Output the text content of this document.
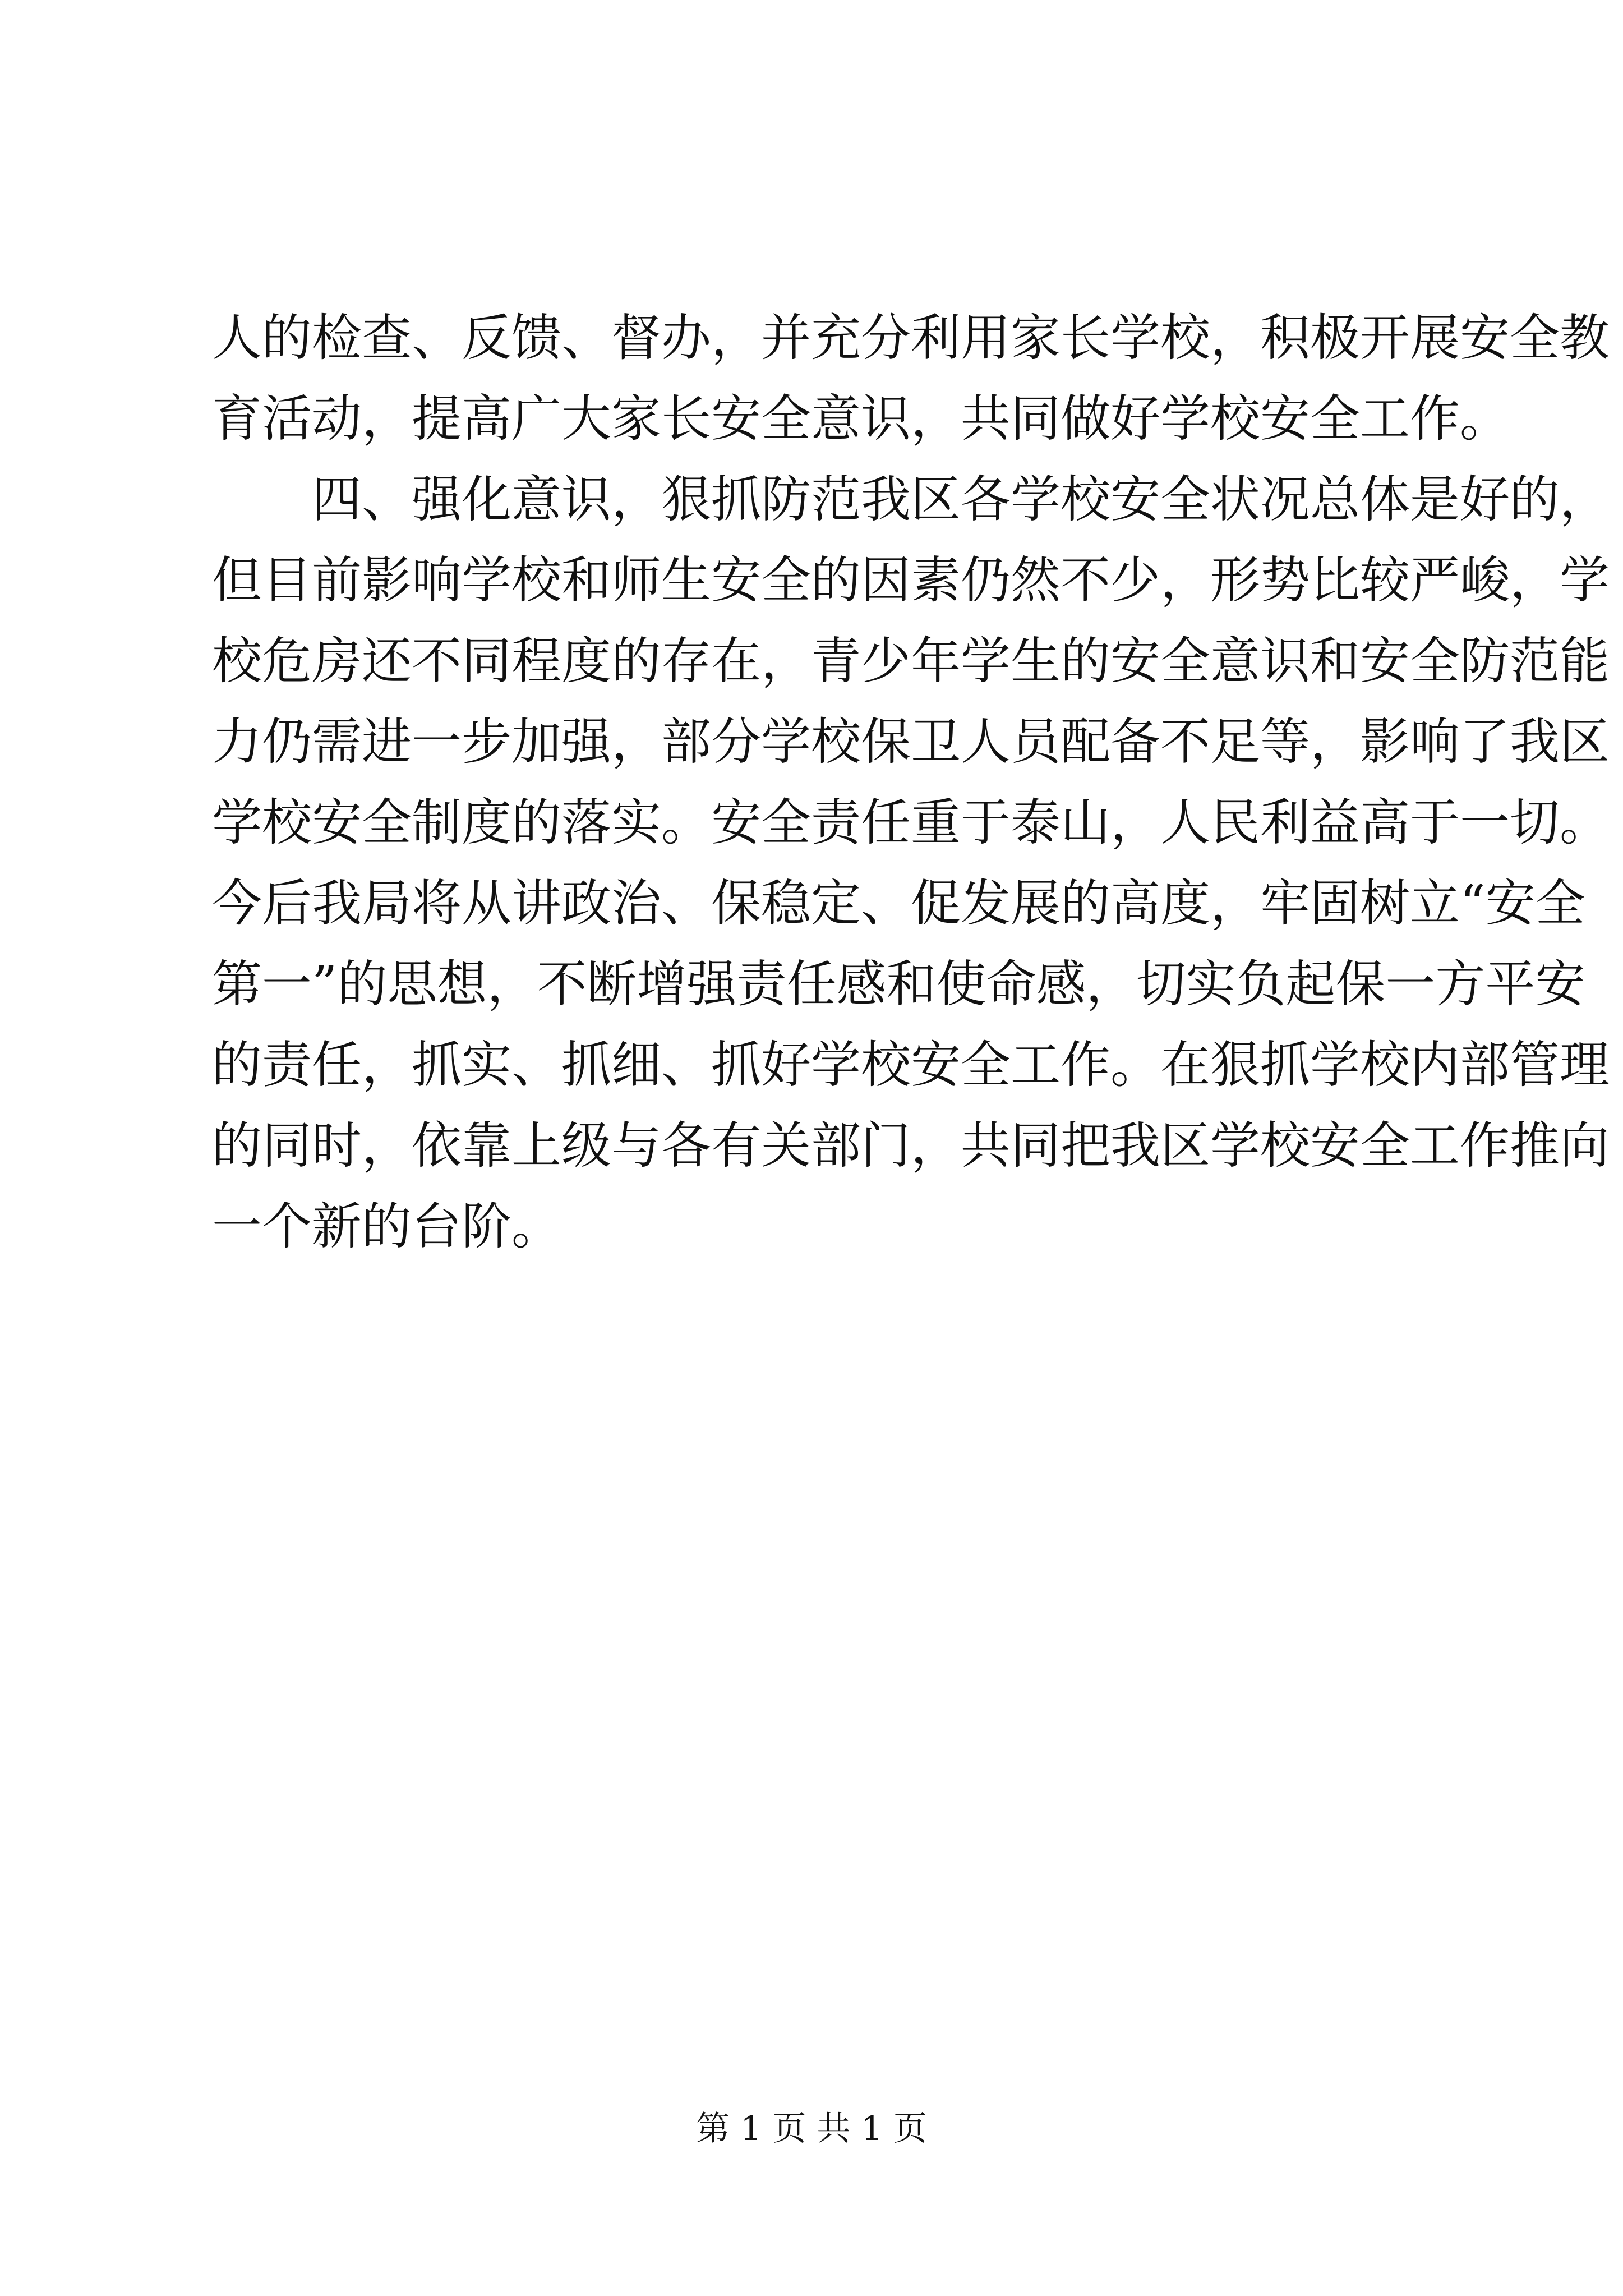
人的检查、反馈、督办，并充分利用家长学校，积极开展安全教
育活动，提高广大家长安全意识，共同做好学校安全工作。
四、强化意识，狠抓防范我区各学校安全状况总体是好的，
但目前影响学校和师生安全的因素仍然不少，形势比较严峻，学
校危房还不同程度的存在，青少年学生的安全意识和安全防范能
力仍需进一步加强，部分学校保卫人员配备不足等，影响了我区
学校安全制度的落实。安全责任重于泰山，人民利益高于一切。
今后我局将从讲政治、保稳定、促发展的高度，牢固树立“安全
第一”的思想，不断增强责任感和使命感，切实负起保一方平安
的责任，抓实、抓细、抓好学校安全工作。在狠抓学校内部管理
的同时，依靠上级与各有关部门，共同把我区学校安全工作推向
一个新的台阶。
第 1 页 共 1 页
